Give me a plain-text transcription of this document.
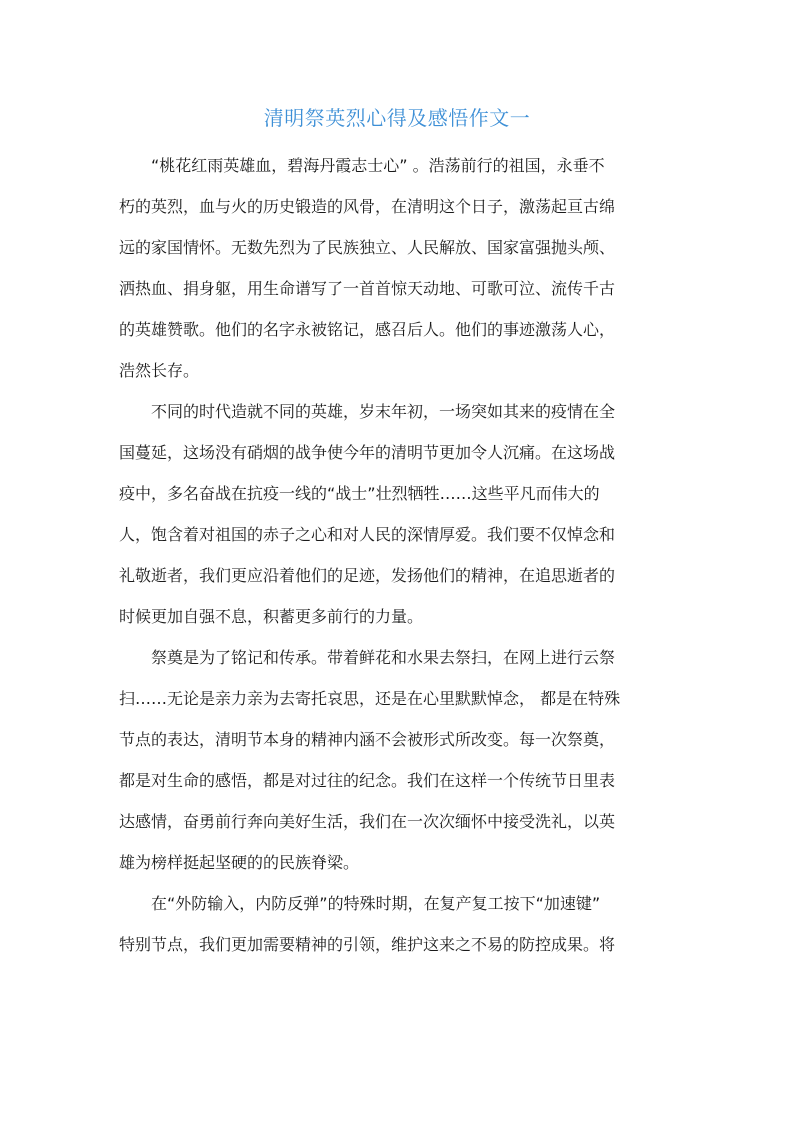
清明祭英烈心得及感悟作文一
“桃花红雨英雄血，碧海丹霞志士心” 。浩荡前行的祖国，永垂不
朽的英烈，血与火的历史锻造的风骨，在清明这个日子，激荡起亘古绵
远的家国情怀。无数先烈为了民族独立、人民解放、国家富强抛头颅、
洒热血、捐身躯，用生命谱写了一首首惊天动地、可歌可泣、流传千古
的英雄赞歌。他们的名字永被铭记，感召后人。他们的事迹激荡人心，
浩然长存。
不同的时代造就不同的英雄，岁末年初，一场突如其来的疫情在全
国蔓延，这场没有硝烟的战争使今年的清明节更加令人沉痛。在这场战
疫中，多名奋战在抗疫一线的“战士”壮烈牺牲……这些平凡而伟大的
人，饱含着对祖国的赤子之心和对人民的深情厚爱。我们要不仅悼念和
礼敬逝者，我们更应沿着他们的足迹，发扬他们的精神，在追思逝者的
时候更加自强不息，积蓄更多前行的力量。
祭奠是为了铭记和传承。带着鲜花和水果去祭扫，在网上进行云祭
扫……无论是亲力亲为去寄托哀思，还是在心里默默悼念， 都是在特殊
节点的表达，清明节本身的精神内涵不会被形式所改变。每一次祭奠，
都是对生命的感悟，都是对过往的纪念。我们在这样一个传统节日里表
达感情，奋勇前行奔向美好生活，我们在一次次缅怀中接受洗礼，以英
雄为榜样挺起坚硬的的民族脊梁。
在“外防输入，内防反弹”的特殊时期，在复产复工按下“加速键”
特别节点，我们更加需要精神的引领，维护这来之不易的防控成果。将
